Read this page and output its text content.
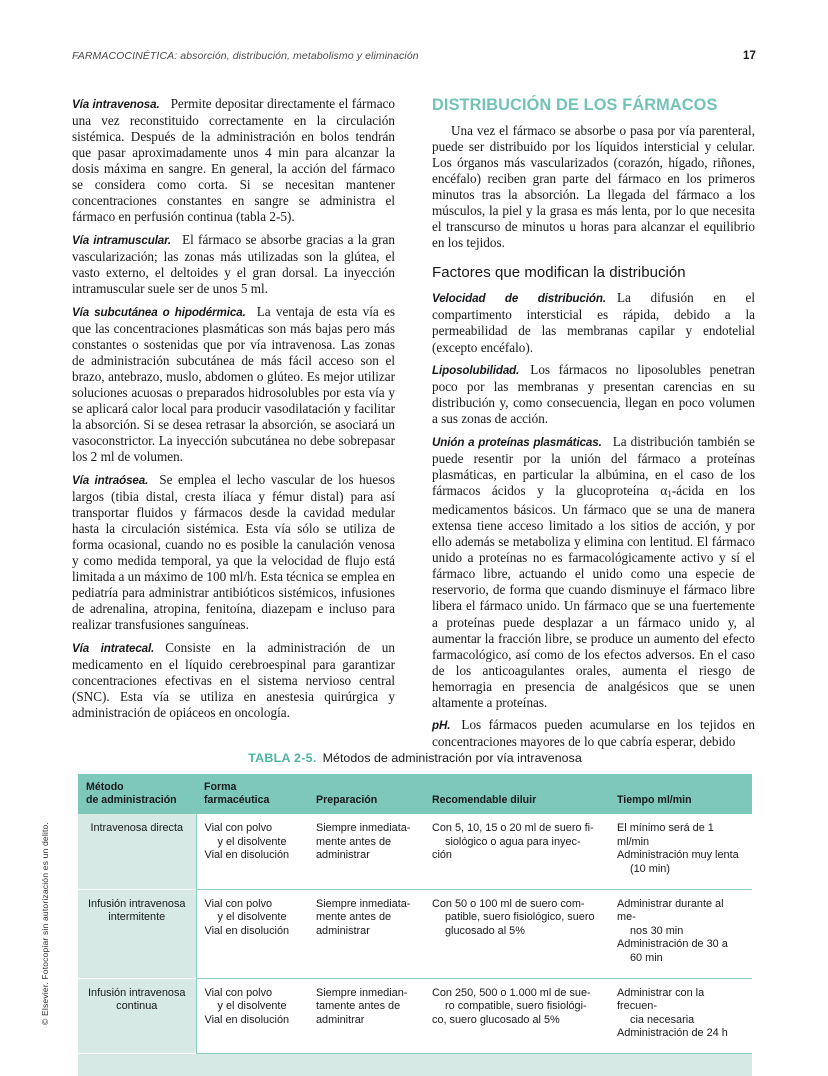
FARMACOCINÉTICA: absorción, distribución, metabolismo y eliminación	17

Vía intravenosa. Permite depositar directamente el fármaco una vez reconstituido correctamente en la circulación sistémica. Después de la administración en bolos tendrán que pasar aproximadamente unos 4 min para alcanzar la dosis máxima en sangre. En general, la acción del fármaco se considera como corta. Si se necesitan mantener concentraciones constantes en sangre se administra el fármaco en perfusión continua (tabla 2-5).

Vía intramuscular. El fármaco se absorbe gracias a la gran vascularización; las zonas más utilizadas son la glútea, el vasto externo, el deltoides y el gran dorsal. La inyección intramuscular suele ser de unos 5 ml.

Vía subcutánea o hipodérmica. La ventaja de esta vía es que las concentraciones plasmáticas son más bajas pero más constantes o sostenidas que por vía intravenosa. Las zonas de administración subcutánea de más fácil acceso son el brazo, antebrazo, muslo, abdomen o glúteo. Es mejor utilizar soluciones acuosas o preparados hidrosolubles por esta vía y se aplicará calor local para producir vasodilatación y facilitar la absorción. Si se desea retrasar la absorción, se asociará un vasoconstrictor. La inyección subcutánea no debe sobrepasar los 2 ml de volumen.

Vía intraósea. Se emplea el lecho vascular de los huesos largos (tibia distal, cresta ilíaca y fémur distal) para así transportar fluidos y fármacos desde la cavidad medular hasta la circulación sistémica. Esta vía sólo se utiliza de forma ocasional, cuando no es posible la canulación venosa y como medida temporal, ya que la velocidad de flujo está limitada a un máximo de 100 ml/h. Esta técnica se emplea en pediatría para administrar antibióticos sistémicos, infusiones de adrenalina, atropina, fenitoína, diazepam e incluso para realizar transfusiones sanguíneas.

Vía intratecal. Consiste en la administración de un medicamento en el líquido cerebroespinal para garantizar concentraciones efectivas en el sistema nervioso central (SNC). Esta vía se utiliza en anestesia quirúrgica y administración de opiáceos en oncología.

DISTRIBUCIÓN DE LOS FÁRMACOS

Una vez el fármaco se absorbe o pasa por vía parenteral, puede ser distribuido por los líquidos intersticial y celular. Los órganos más vascularizados (corazón, hígado, riñones, encéfalo) reciben gran parte del fármaco en los primeros minutos tras la absorción. La llegada del fármaco a los músculos, la piel y la grasa es más lenta, por lo que necesita el transcurso de minutos u horas para alcanzar el equilibrio en los tejidos.

Factores que modifican la distribución

Velocidad de distribución. La difusión en el compartimento intersticial es rápida, debido a la permeabilidad de las membranas capilar y endotelial (excepto encéfalo).

Liposolubilidad. Los fármacos no liposolubles penetran poco por las membranas y presentan carencias en su distribución y, como consecuencia, llegan en poco volumen a sus zonas de acción.

Unión a proteínas plasmáticas. La distribución también se puede resentir por la unión del fármaco a proteínas plasmáticas, en particular la albúmina, en el caso de los fármacos ácidos y la glucoproteína $\alpha_1$-ácida en los medicamentos básicos. Un fármaco que se una de manera extensa tiene acceso limitado a los sitios de acción, y por ello además se metaboliza y elimina con lentitud. El fármaco unido a proteínas no es farmacológicamente activo y sí el fármaco libre, actuando el unido como una especie de reservorio, de forma que cuando disminuye el fármaco libre libera el fármaco unido. Un fármaco que se una fuertemente a proteínas puede desplazar a un fármaco unido y, al aumentar la fracción libre, se produce un aumento del efecto farmacológico, así como de los efectos adversos. En el caso de los anticoagulantes orales, aumenta el riesgo de hemorragia en presencia de analgésicos que se unen altamente a proteínas.

pH. Los fármacos pueden acumularse en los tejidos en concentraciones mayores de lo que cabría esperar, debido

TABLA 2-5. Métodos de administración por vía intravenosa
Método
de administración	Forma
farmacéutica	Preparación	Recomendable diluir	Tiempo ml/min

Intravenosa directa	Vial con polvo
y el disolvente
Vial en disolución	Siempre inmediata-
mente antes de
administrar	Con 5, 10, 15 o 20 ml de suero fi-
siológico o agua para inyec-
ción	El mínimo será de 1 ml/min
Administración muy lenta
(10 min)

Infusión intravenosa
intermitente	Vial con polvo
y el disolvente
Vial en disolución	Siempre inmediata-
mente antes de
administrar	Con 50 o 100 ml de suero com-
patible, suero fisiológico, suero
glucosado al 5%	Administrar durante al me-
nos 30 min
Administración de 30 a
60 min

Infusión intravenosa
continua	Vial con polvo
y el disolvente
Vial en disolución	Siempre inmedian-
tamente antes de
adminitrar	Con 250, 500 o 1.000 ml de sue-
ro compatible, suero fisiológi-
co, suero glucosado al 5%	Administrar con la frecuen-
cia necesaria
Administración de 24 h
© Elsevier. Fotocopiar sin autorización es un delito.
